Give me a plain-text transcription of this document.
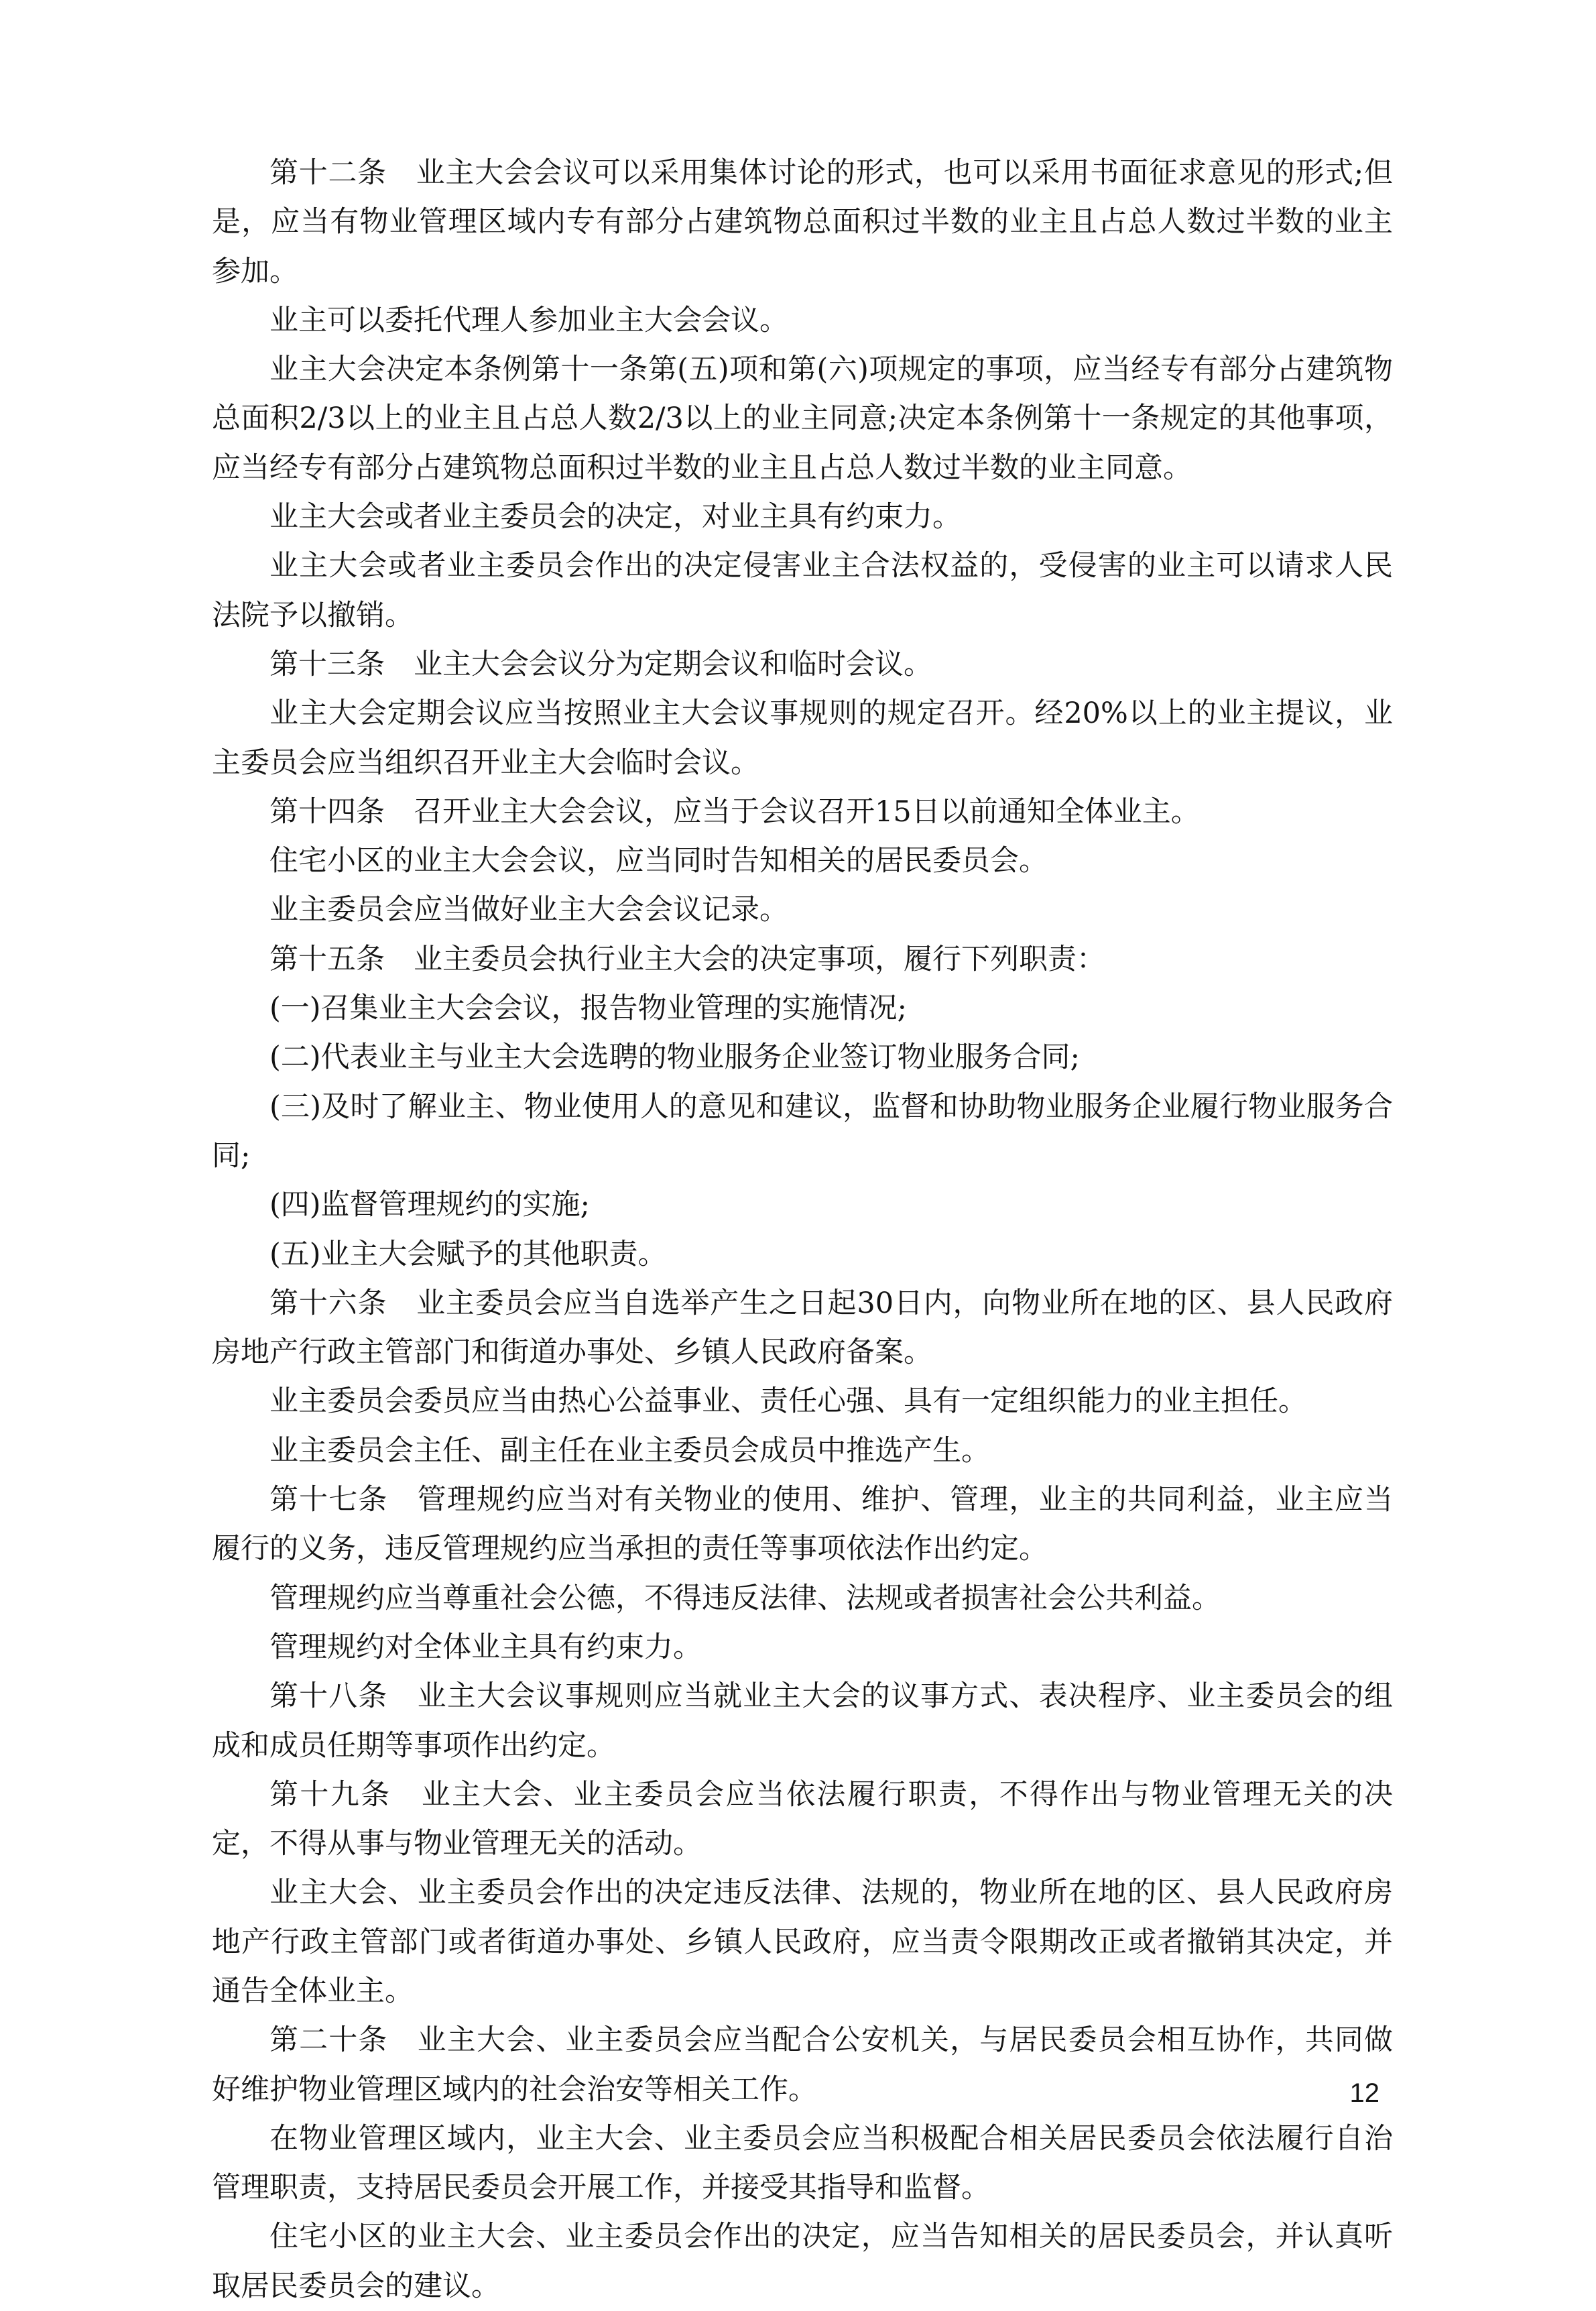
第十二条　业主大会会议可以采用集体讨论的形式，也可以采用书面征求意见的形式;但是，应当有物业管理区域内专有部分占建筑物总面积过半数的业主且占总人数过半数的业主参加。

业主可以委托代理人参加业主大会会议。

业主大会决定本条例第十一条第(五)项和第(六)项规定的事项，应当经专有部分占建筑物总面积2/3以上的业主且占总人数2/3以上的业主同意;决定本条例第十一条规定的其他事项，应当经专有部分占建筑物总面积过半数的业主且占总人数过半数的业主同意。

业主大会或者业主委员会的决定，对业主具有约束力。

业主大会或者业主委员会作出的决定侵害业主合法权益的，受侵害的业主可以请求人民法院予以撤销。

第十三条　业主大会会议分为定期会议和临时会议。

业主大会定期会议应当按照业主大会议事规则的规定召开。经20%以上的业主提议，业主委员会应当组织召开业主大会临时会议。

第十四条　召开业主大会会议，应当于会议召开15日以前通知全体业主。

住宅小区的业主大会会议，应当同时告知相关的居民委员会。

业主委员会应当做好业主大会会议记录。

第十五条　业主委员会执行业主大会的决定事项，履行下列职责：

(一)召集业主大会会议，报告物业管理的实施情况;

(二)代表业主与业主大会选聘的物业服务企业签订物业服务合同;

(三)及时了解业主、物业使用人的意见和建议，监督和协助物业服务企业履行物业服务合同;

(四)监督管理规约的实施;

(五)业主大会赋予的其他职责。

第十六条　业主委员会应当自选举产生之日起30日内，向物业所在地的区、县人民政府房地产行政主管部门和街道办事处、乡镇人民政府备案。

业主委员会委员应当由热心公益事业、责任心强、具有一定组织能力的业主担任。

业主委员会主任、副主任在业主委员会成员中推选产生。

第十七条　管理规约应当对有关物业的使用、维护、管理，业主的共同利益，业主应当履行的义务，违反管理规约应当承担的责任等事项依法作出约定。

管理规约应当尊重社会公德，不得违反法律、法规或者损害社会公共利益。

管理规约对全体业主具有约束力。

第十八条　业主大会议事规则应当就业主大会的议事方式、表决程序、业主委员会的组成和成员任期等事项作出约定。

第十九条　业主大会、业主委员会应当依法履行职责，不得作出与物业管理无关的决定，不得从事与物业管理无关的活动。

业主大会、业主委员会作出的决定违反法律、法规的，物业所在地的区、县人民政府房地产行政主管部门或者街道办事处、乡镇人民政府，应当责令限期改正或者撤销其决定，并通告全体业主。

第二十条　业主大会、业主委员会应当配合公安机关，与居民委员会相互协作，共同做好维护物业管理区域内的社会治安等相关工作。

在物业管理区域内，业主大会、业主委员会应当积极配合相关居民委员会依法履行自治管理职责，支持居民委员会开展工作，并接受其指导和监督。

住宅小区的业主大会、业主委员会作出的决定，应当告知相关的居民委员会，并认真听取居民委员会的建议。

12
